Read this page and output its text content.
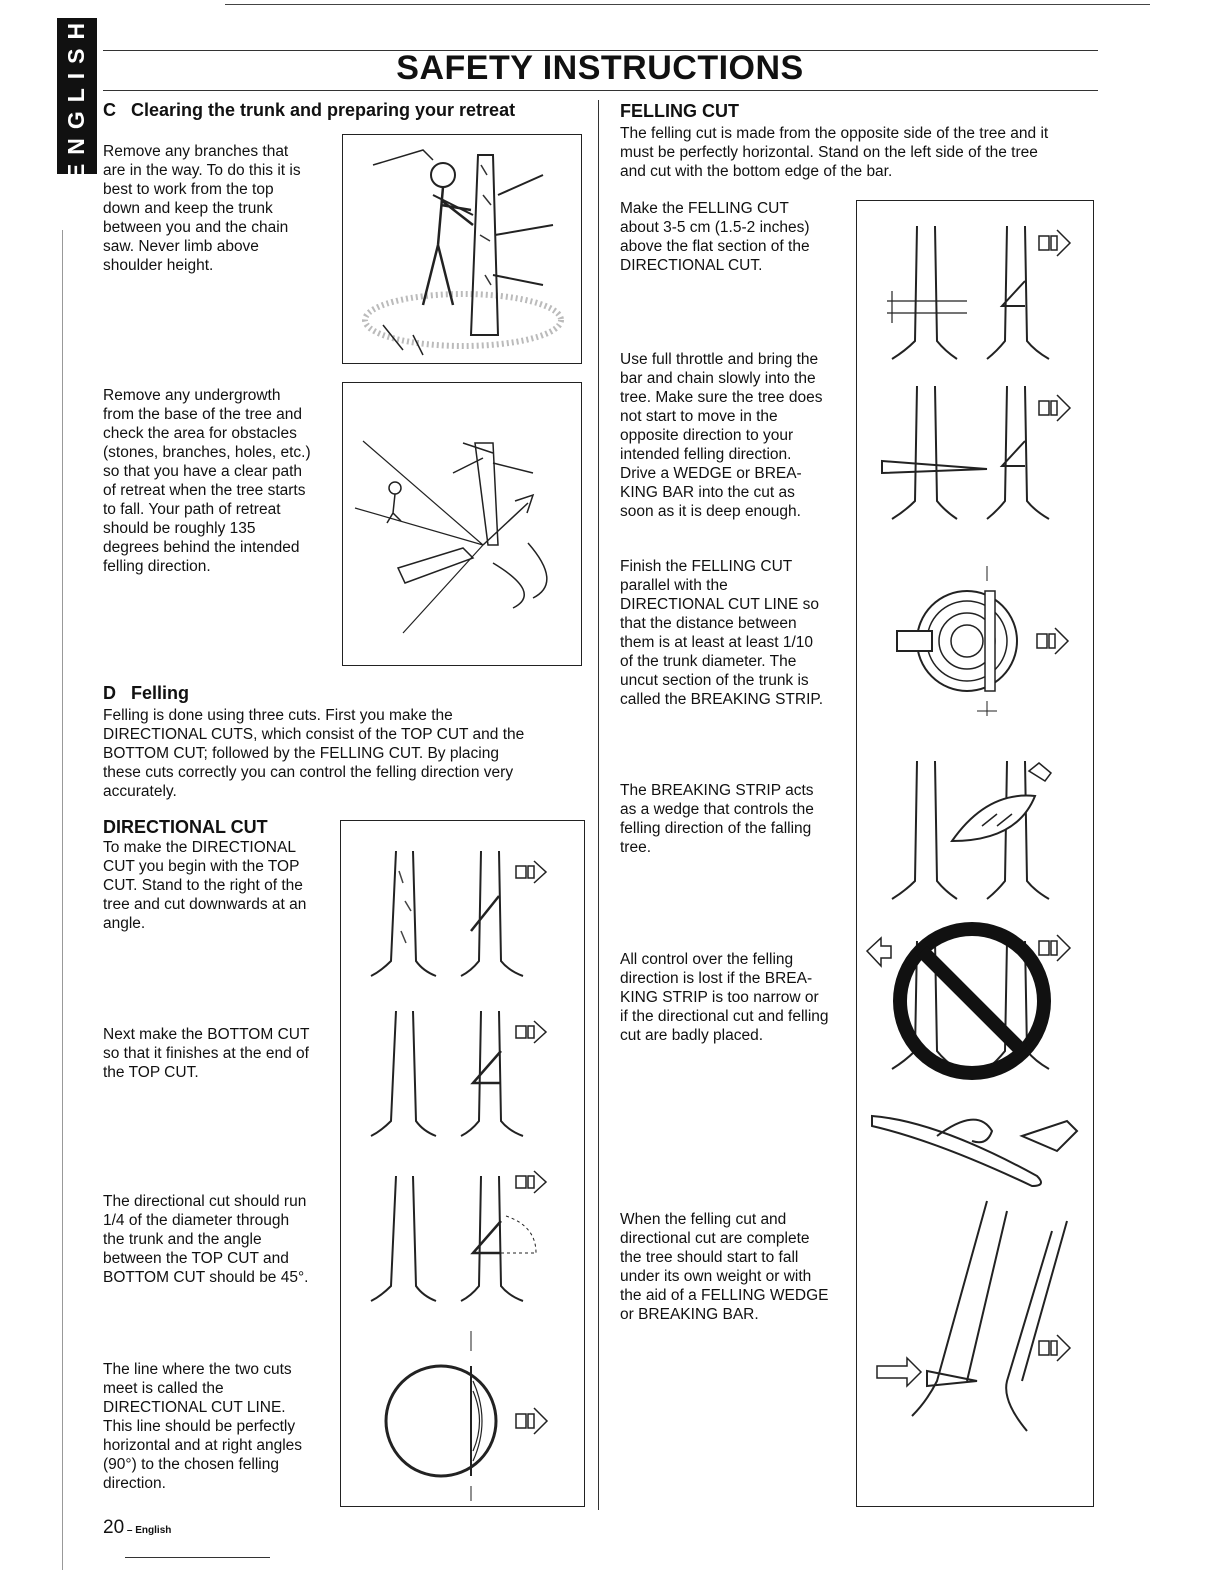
ENGLISH	SAFETY INSTRUCTIONS
C   Clearing the trunk and preparing your retreat
Remove any branches that
are in the way. To do this it is
best to work from the top
down and keep the trunk
between you and the chain
saw. Never limb above
shoulder height.
Remove any undergrowth
from the base of the tree and
check the area for obstacles
(stones, branches, holes, etc.)
so that you have a clear path
of retreat when the tree starts
to fall. Your path of retreat
should be roughly 135
degrees behind the intended
felling direction.
D   Felling
Felling is done using three cuts. First you make the
DIRECTIONAL CUTS, which consist of the TOP CUT and the
BOTTOM CUT; followed by the FELLING CUT. By placing
these cuts correctly you can control the felling direction very
accurately.
DIRECTIONAL CUT
To make the DIRECTIONAL
CUT you begin with the TOP
CUT. Stand to the right of the
tree and cut downwards at an
angle.
Next make the BOTTOM CUT
so that it finishes at the end of
the TOP CUT.
The directional cut should run
1/4 of the diameter through
the trunk and the angle
between the TOP CUT and
BOTTOM CUT should be 45°.
The line where the two cuts
meet is called the
DIRECTIONAL CUT LINE.
This line should be perfectly
horizontal and at right angles
(90°) to the chosen felling
direction.
20 – English
FELLING CUT
The felling cut is made from the opposite side of the tree and it
must be perfectly horizontal. Stand on the left side of the tree
and cut with the bottom edge of the bar.
Make the FELLING CUT
about 3-5 cm (1.5-2 inches)
above the flat section of the
DIRECTIONAL CUT.
Use full throttle and bring the
bar and chain slowly into the
tree. Make sure the tree does
not start to move in the
opposite direction to your
intended felling direction.
Drive a WEDGE or BREA-
KING BAR into the cut as
soon as it is deep enough.
Finish the FELLING CUT
parallel with the
DIRECTIONAL CUT LINE so
that the distance between
them is at least at least 1/10
of the trunk diameter. The
uncut section of the trunk is
called the BREAKING STRIP.
The BREAKING STRIP acts
as a wedge that controls the
felling direction of the falling
tree.
All control over the felling
direction is lost if the BREA-
KING STRIP is too narrow or
if the directional cut and felling
cut are badly placed.
When the felling cut and
directional cut are complete
the tree should start to fall
under its own weight or with
the aid of a FELLING WEDGE
or BREAKING BAR.
